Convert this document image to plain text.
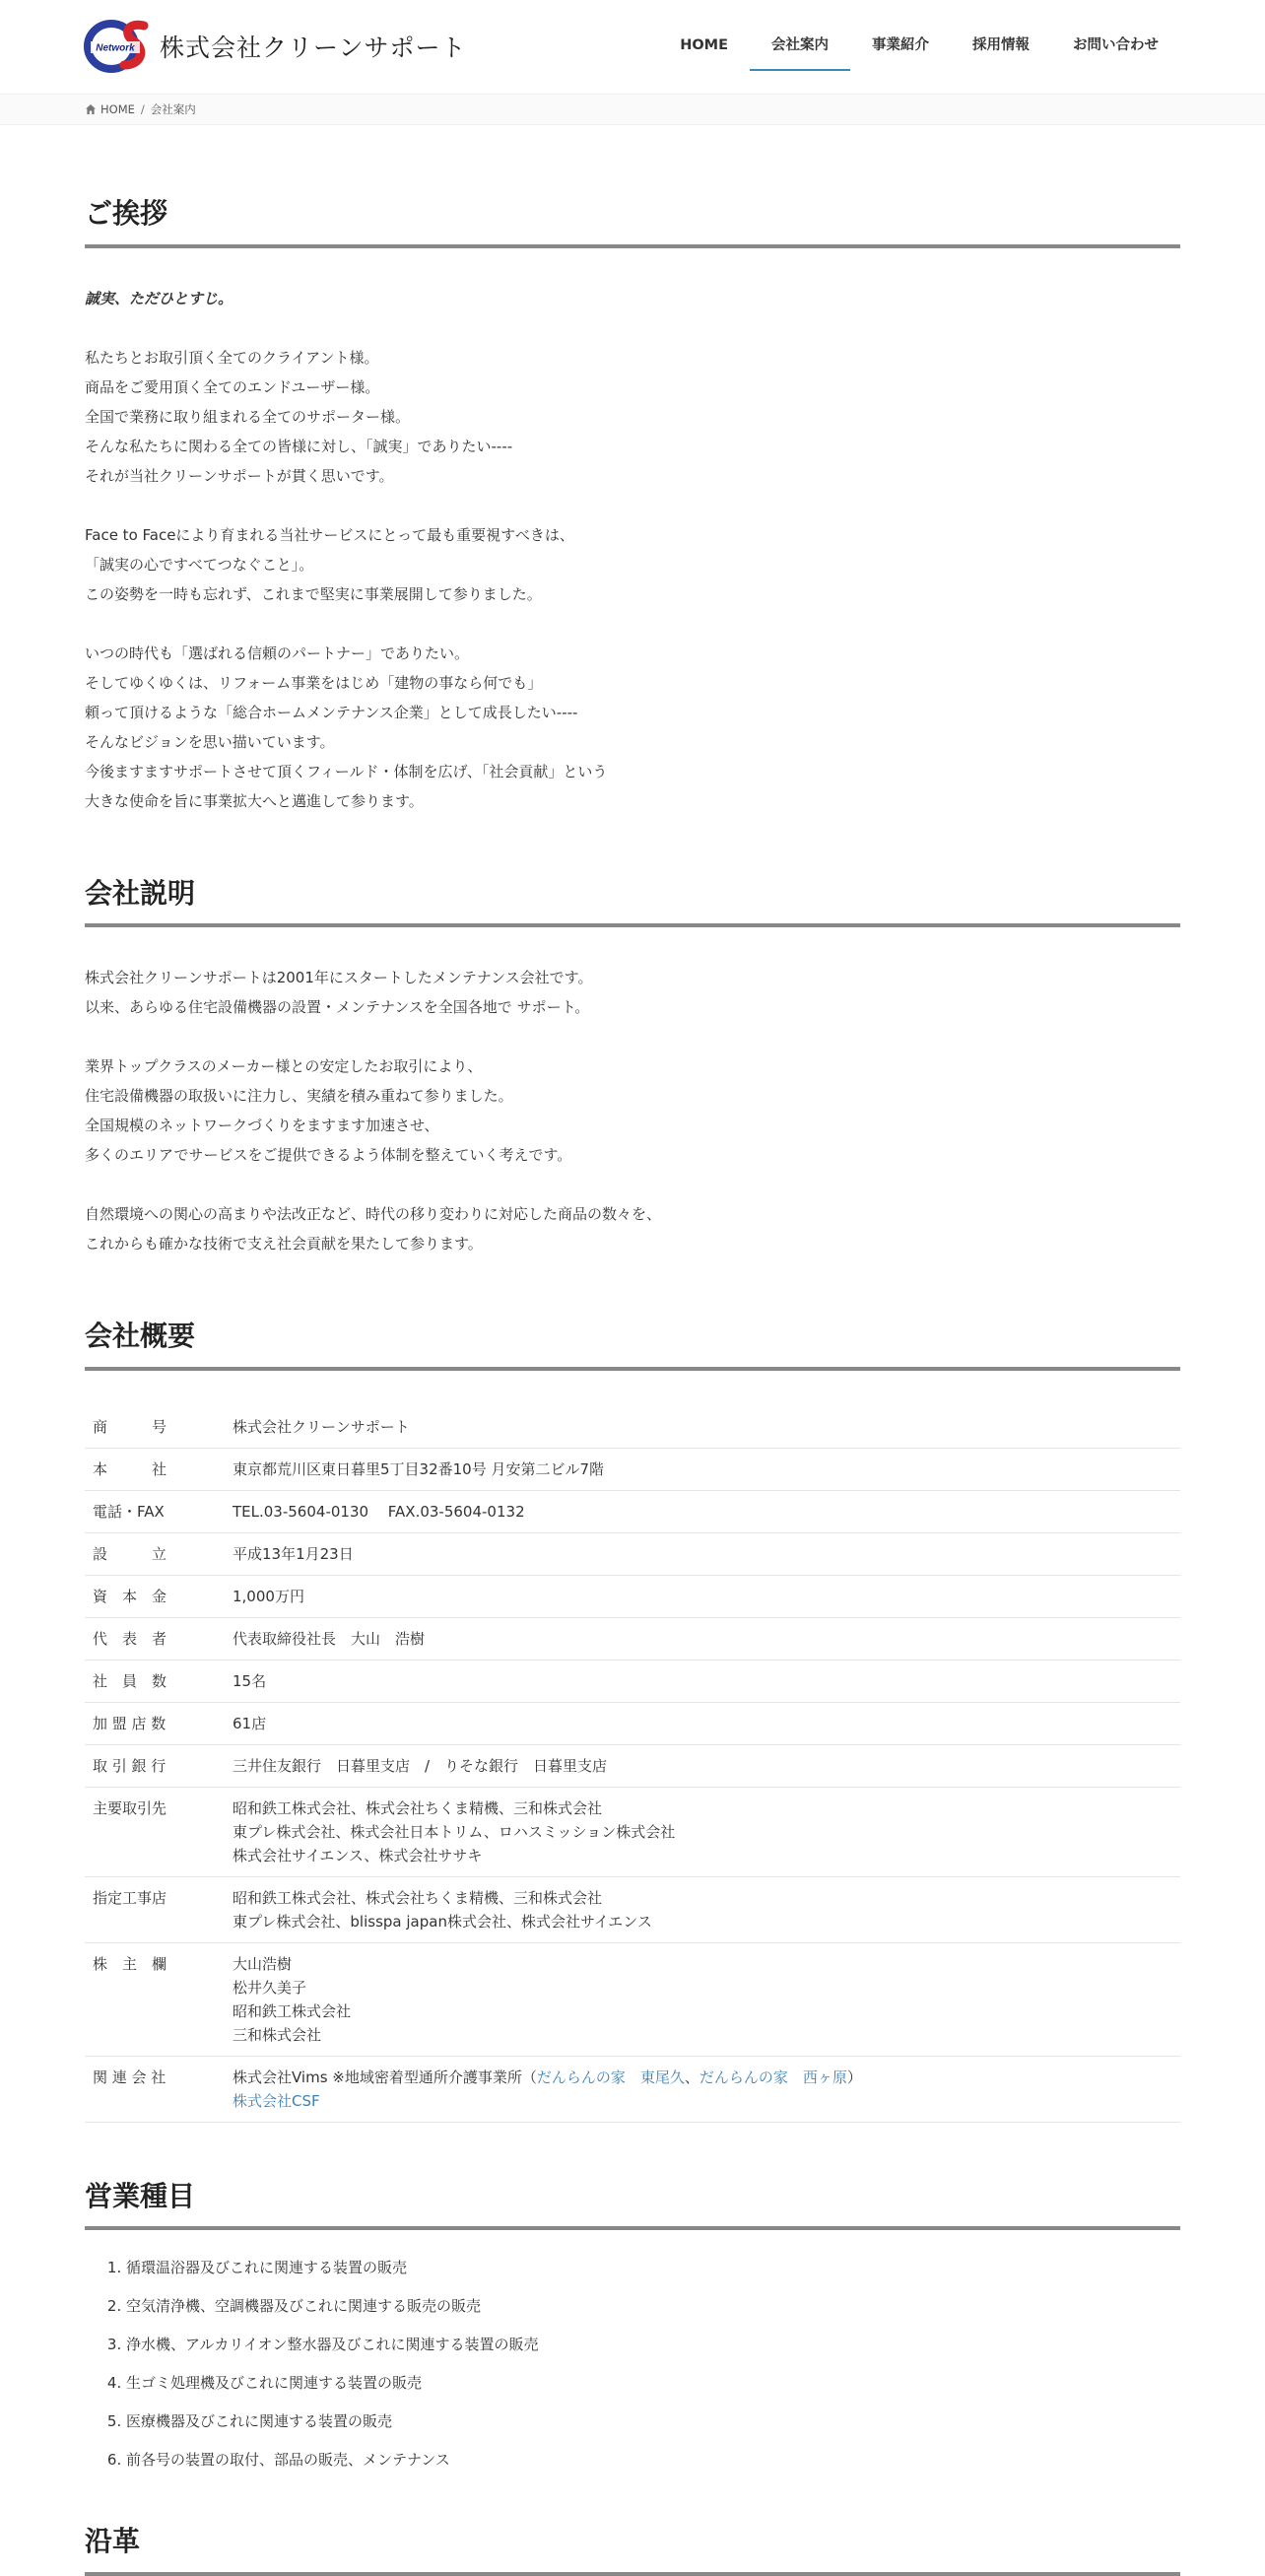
Network 株式会社クリーンサポート	HOME	会社案内	事業紹介	採用情報	お問い合わせ
HOME / 会社案内
ご挨拶

誠実、ただひとすじ。

私たちとお取引頂く全てのクライアント様。
商品をご愛用頂く全てのエンドユーザー様。
全国で業務に取り組まれる全てのサポーター様。
そんな私たちに関わる全ての皆様に対し、「誠実」でありたい----
それが当社クリーンサポートが貫く思いです。

Face to Faceにより育まれる当社サービスにとって最も重要視すべきは、
「誠実の心ですべてつなぐこと」。
この姿勢を一時も忘れず、これまで堅実に事業展開して参りました。

いつの時代も「選ばれる信頼のパートナー」でありたい。
そしてゆくゆくは、リフォーム事業をはじめ「建物の事なら何でも」
頼って頂けるような「総合ホームメンテナンス企業」として成長したい----
そんなビジョンを思い描いています。
今後ますますサポートさせて頂くフィールド・体制を広げ、「社会貢献」という
大きな使命を旨に事業拡大へと邁進して参ります。

会社説明

株式会社クリーンサポートは2001年にスタートしたメンテナンス会社です。
以来、あらゆる住宅設備機器の設置・メンテナンスを全国各地で サポート。

業界トップクラスのメーカー様との安定したお取引により、
住宅設備機器の取扱いに注力し、実績を積み重ねて参りました。
全国規模のネットワークづくりをますます加速させ、
多くのエリアでサービスをご提供できるよう体制を整えていく考えです。

自然環境への関心の高まりや法改正など、時代の移り変わりに対応した商品の数々を、
これからも確かな技術で支え社会貢献を果たして参ります。

会社概要
商　　　号	株式会社クリーンサポート

本　　　社	東京都荒川区東日暮里5丁目32番10号 月安第二ビル7階

電話・FAX	TEL.03-5604-0130　 FAX.03-5604-0132

設　　　立	平成13年1月23日

資　本　金	1,000万円

代　表　者	代表取締役社長　大山　浩樹

社　員　数	15名

加 盟 店 数	61店

取 引 銀 行	三井住友銀行　日暮里支店　/　りそな銀行　日暮里支店

主要取引先	昭和鉄工株式会社、株式会社ちくま精機、三和株式会社
東プレ株式会社、株式会社日本トリム、ロハスミッション株式会社
株式会社サイエンス、株式会社ササキ

指定工事店	昭和鉄工株式会社、株式会社ちくま精機、三和株式会社
東プレ株式会社、blisspa japan株式会社、株式会社サイエンス

株　主　欄	大山浩樹
松井久美子
昭和鉄工株式会社
三和株式会社

関 連 会 社	株式会社Vims ※地域密着型通所介護事業所（だんらんの家　東尾久、だんらんの家　西ヶ原）
株式会社CSF
営業種目
1. 循環温浴器及びこれに関連する装置の販売
2. 空気清浄機、空調機器及びこれに関連する販売の販売
3. 浄水機、アルカリイオン整水器及びこれに関連する装置の販売
4. 生ゴミ処理機及びこれに関連する装置の販売
5. 医療機器及びこれに関連する装置の販売
6. 前各号の装置の取付、部品の販売、メンテナンス
沿革
